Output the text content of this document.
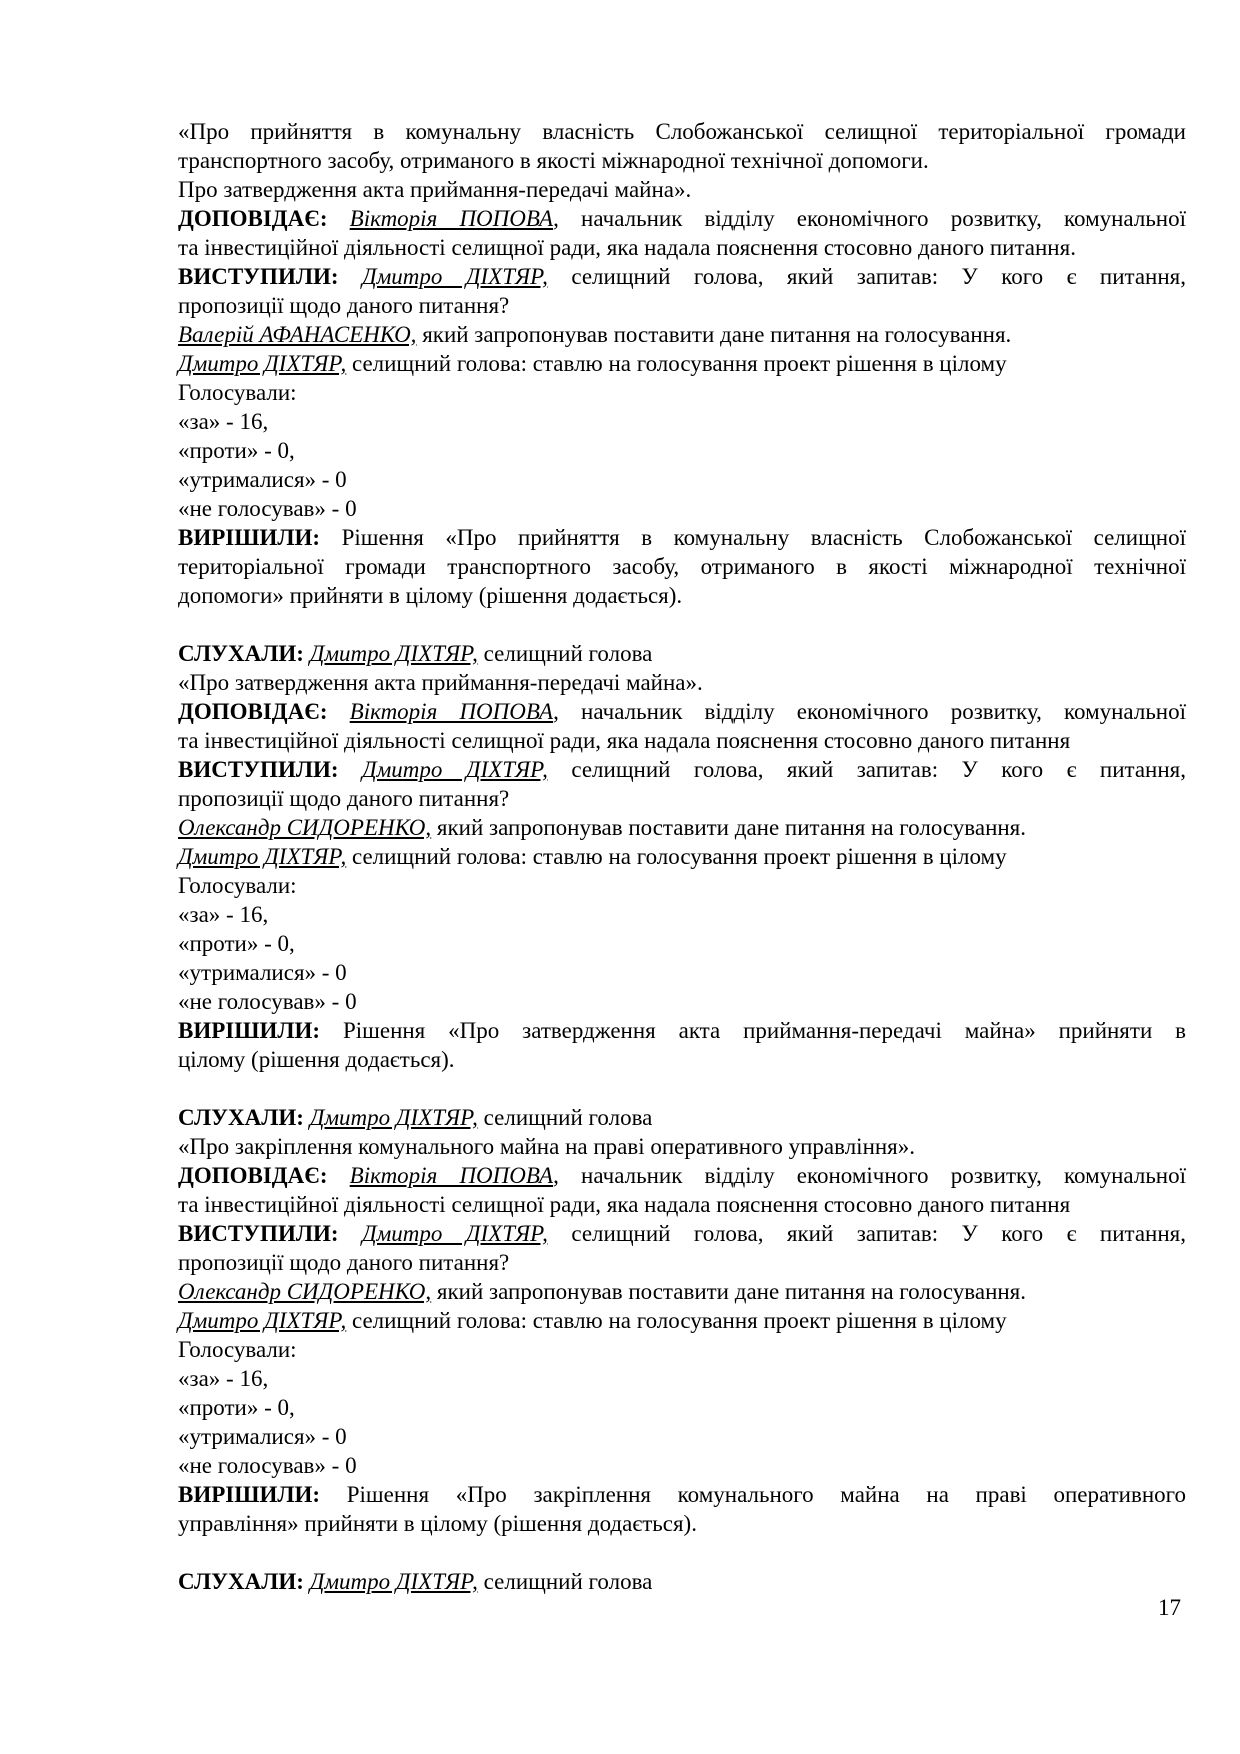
«Про прийняття в комунальну власність Слобожанської селищної територіальної громади
транспортного засобу, отриманого в якості міжнародної технічної допомоги.
Про затвердження акта приймання-передачі майна».
ДОПОВІДАЄ: Вікторія ПОПОВА, начальник відділу економічного розвитку, комунальної
та інвестиційної діяльності селищної ради, яка надала пояснення стосовно даного питання.
ВИСТУПИЛИ: Дмитро ДІХТЯР, селищний голова, який запитав: У кого є питання,
пропозиції щодо даного питання?
Валерій АФАНАСЕНКО, який запропонував поставити дане питання на голосування.
Дмитро ДІХТЯР, селищний голова: ставлю на голосування проект рішення в цілому
Голосували:
«за» - 16,
«проти» - 0,
«утрималися» - 0
«не голосував» - 0
ВИРІШИЛИ: Рішення «Про прийняття в комунальну власність Слобожанської селищної
територіальної громади транспортного засобу, отриманого в якості міжнародної технічної
допомоги» прийняти в цілому (рішення додається).
СЛУХАЛИ: Дмитро ДІХТЯР, селищний голова
«Про затвердження акта приймання-передачі майна».
ДОПОВІДАЄ: Вікторія ПОПОВА, начальник відділу економічного розвитку, комунальної
та інвестиційної діяльності селищної ради, яка надала пояснення стосовно даного питання
ВИСТУПИЛИ: Дмитро ДІХТЯР, селищний голова, який запитав: У кого є питання,
пропозиції щодо даного питання?
Олександр СИДОРЕНКО, який запропонував поставити дане питання на голосування.
Дмитро ДІХТЯР, селищний голова: ставлю на голосування проект рішення в цілому
Голосували:
«за» - 16,
«проти» - 0,
«утрималися» - 0
«не голосував» - 0
ВИРІШИЛИ: Рішення «Про затвердження акта приймання-передачі майна» прийняти в
цілому (рішення додається).
СЛУХАЛИ: Дмитро ДІХТЯР, селищний голова
«Про закріплення комунального майна на праві оперативного управління».
ДОПОВІДАЄ: Вікторія ПОПОВА, начальник відділу економічного розвитку, комунальної
та інвестиційної діяльності селищної ради, яка надала пояснення стосовно даного питання
ВИСТУПИЛИ: Дмитро ДІХТЯР, селищний голова, який запитав: У кого є питання,
пропозиції щодо даного питання?
Олександр СИДОРЕНКО, який запропонував поставити дане питання на голосування.
Дмитро ДІХТЯР, селищний голова: ставлю на голосування проект рішення в цілому
Голосували:
«за» - 16,
«проти» - 0,
«утрималися» - 0
«не голосував» - 0
ВИРІШИЛИ: Рішення «Про закріплення комунального майна на праві оперативного
управління» прийняти в цілому (рішення додається).
СЛУХАЛИ: Дмитро ДІХТЯР, селищний голова
17
